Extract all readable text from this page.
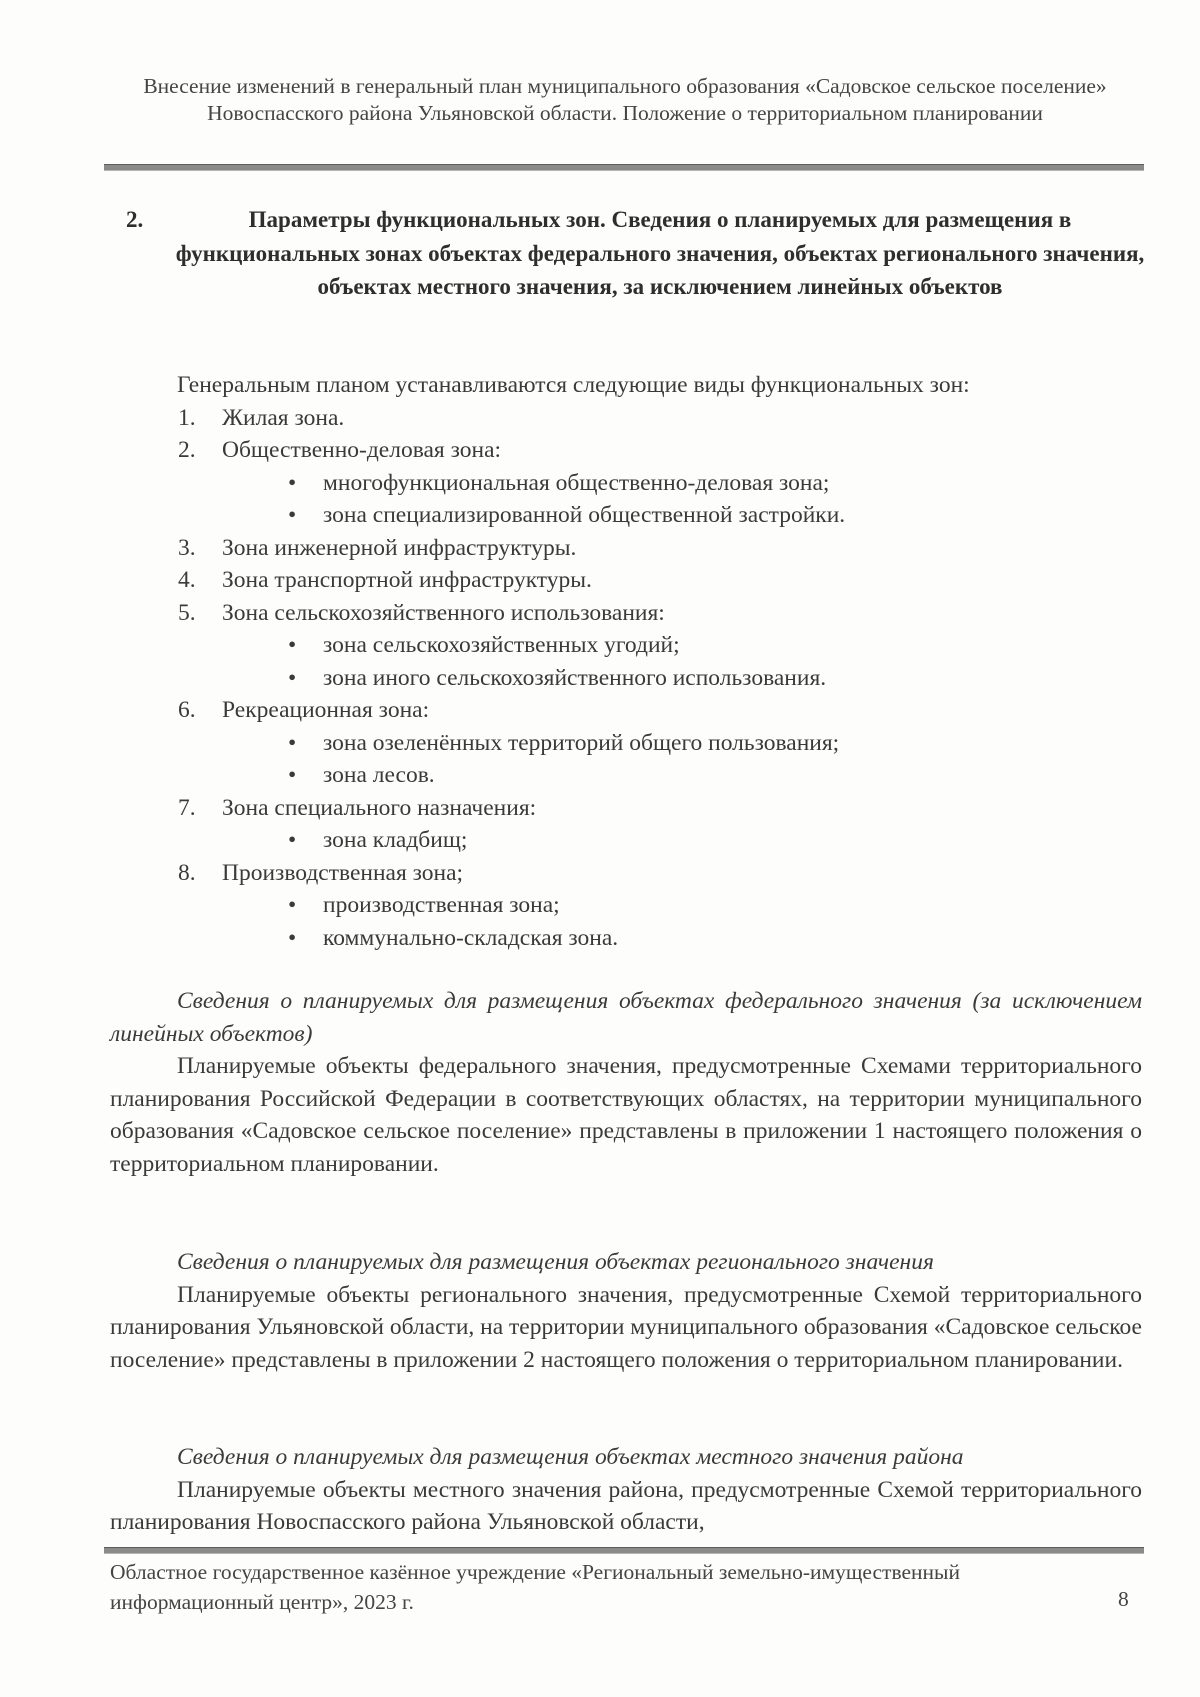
Внесение изменений в генеральный план муниципального образования «Садовское сельское поселение» Новоспасского района Ульяновской области. Положение о территориальном планировании
2.	Параметры функциональных зон. Сведения о планируемых для размещения в функциональных зонах объектах федерального значения, объектах регионального значения, объектах местного значения, за исключением линейных объектов
Генеральным планом устанавливаются следующие виды функциональных зон:
1. Жилая зона.
2. Общественно-деловая зона:
• многофункциональная общественно-деловая зона;
• зона специализированной общественной застройки.
3. Зона инженерной инфраструктуры.
4. Зона транспортной инфраструктуры.
5. Зона сельскохозяйственного использования:
• зона сельскохозяйственных угодий;
• зона иного сельскохозяйственного использования.
6. Рекреационная зона:
• зона озеленённых территорий общего пользования;
• зона лесов.
7. Зона специального назначения:
• зона кладбищ;
8. Производственная зона;
• производственная зона;
• коммунально-складская зона.
Сведения о планируемых для размещения объектах федерального значения (за исключением линейных объектов)
Планируемые объекты федерального значения, предусмотренные Схемами территориального планирования Российской Федерации в соответствующих областях, на территории муниципального образования «Садовское сельское поселение» представлены в приложении 1 настоящего положения о территориальном планировании.
Сведения о планируемых для размещения объектах регионального значения
Планируемые объекты регионального значения, предусмотренные Схемой территориального планирования Ульяновской области, на территории муниципального образования «Садовское сельское поселение» представлены в приложении 2 настоящего положения о территориальном планировании.
Сведения о планируемых для размещения объектах местного значения района
Планируемые объекты местного значения района, предусмотренные Схемой территориального планирования Новоспасского района Ульяновской области,
Областное государственное казённое учреждение «Региональный земельно-имущественный информационный центр», 2023 г.	8
